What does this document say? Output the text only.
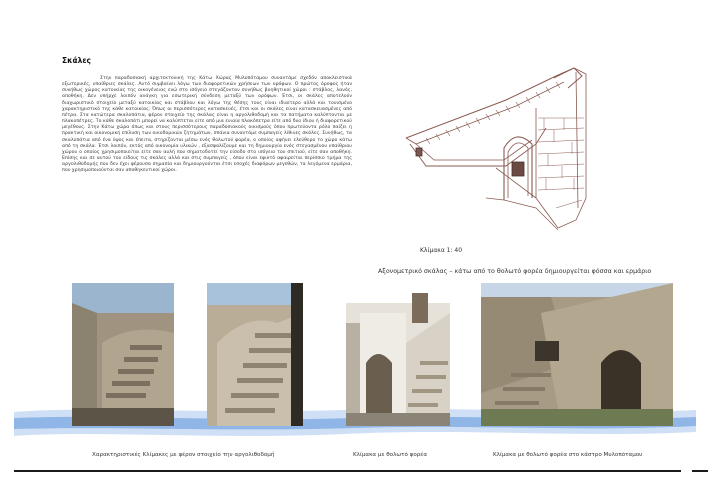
Σκάλες

Στην παραδοσιακή αρχιτεκτονική της Κάτω Χώρας Μυλοπόταμου συναντάμε σχεδόν αποκλειστικά εξωτερικές, υπαίθριες σκάλες. Αυτό συμβαίνει λόγω των διαφορετικών χρήσεων των ορόφων. Ο πρώτος όροφος ήταν συνήθως χώρος κατοικίας της οικογένειας ενώ στο ισόγειο στεγάζονταν συνήθως βοηθητικοί χώροι : στάβλος, λανός, αποθήκη. Δεν υπήρχε λοιπόν ανάγκη για εσωτερική σύνδεση μεταξύ των ορόφων. Έτσι, οι σκάλες αποτελούν διαχωριστικό στοιχείο μεταξύ κατοικίας και στάβλου και λόγω της θέσης τους είναι ιδιαίτερο αλλά και τονισμένο χαρακτηριστικό της κάθε κατοικίας. Όπως οι περισσότερες κατασκευές, έτσι και οι σκάλες είναι κατασκευασμένες από πέτρα. Στα κατώτερα σκαλοπάτια, φέρον στοιχείο της σκάλας είναι η αργολιθοδομή και τα πατήματα καλύπτονται με πλακοπέτρες. Το κάθε σκαλοπάτι μπορεί να καλύπτεται είτε από μια ενιαία πλακόπετρα είτε από δυο ίδιου ή διαφορετικού μεγέθους. Στην Κάτω χώρα όπως και στους περισσότερους παραδοσιακούς οικισμούς όπου πρωτεύοντα ρόλο παίζει η πρακτική και οικονομική επίλυση των οικοδομικών ζητημάτων, σπάνια συναντάμε συμπαγείς λίθινες σκάλες. Συνήθως, τα σκαλοπάτια από ένα ύψος και έπειτα, στηρίζονται μέσω ενός θολωτού φορέα, ο οποίος αφήνει ελεύθερο το χώρο κάτω από τη σκάλα. Έτσι λοιπόν, εκτός από οικονομία υλικών , εξασφαλίζουμε και τη δημιουργία ενός στεγασμένου υπαίθριου χώρου ο οποίος χρησιμοποιείται είτε σαν αυλή που σηματοδοτεί την είσοδο στο ισόγειο του σπιτιού, είτε σαν αποθήκη. Επίσης και σε αυτού του είδους τις σκάλες αλλά και στις συμπαγείς , όπου είναι εφικτό αφαιρείται περίσσιο τμήμα της αργολιθοδομής που δεν έχει φέρουσα σημασία και δημιουργούνται έτσι εσοχές διαφόρων μεγεθών, τα λεγόμενα ερμάρια, που χρησιμοποιούνται σαν αποθηκευτικοί χώροι.

Κλίμακα 1: 40
Αξονομετρικό σκάλας – κάτω από το θολωτό φορέα δημιουργείται φόσσα και ερμάριο
Χαρακτηριστικές Κλίμακες με φέρον στοιχείο την αργολιθοδομή	Κλίμακα με θολωτό φορέα	Κλίμακα με θολωτό φορέα στο κάστρο Μυλοπόταμου
